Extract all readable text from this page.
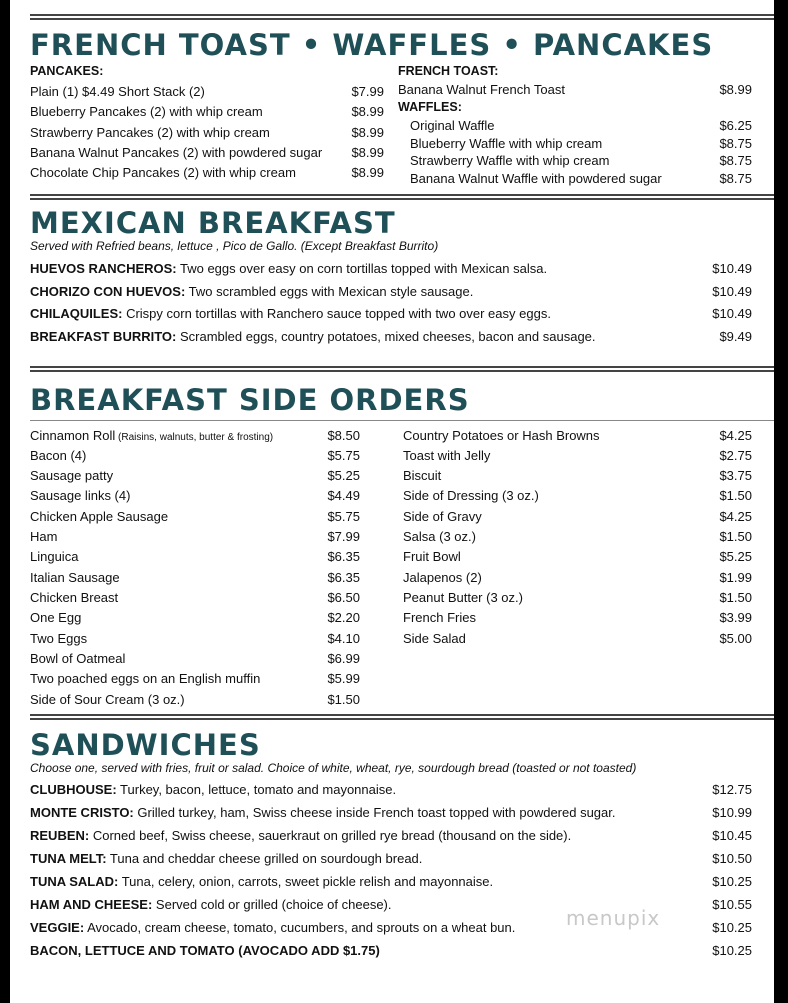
FRENCH TOAST • WAFFLES • PANCAKES
PANCAKES:
Plain (1) $4.49 Short Stack (2)	$7.99
Blueberry Pancakes (2) with whip cream	$8.99
Strawberry Pancakes (2) with whip cream	$8.99
Banana Walnut Pancakes (2) with powdered sugar	$8.99
Chocolate Chip Pancakes (2) with whip cream	$8.99
FRENCH TOAST:
Banana Walnut French Toast	$8.99
WAFFLES:
Original Waffle	$6.25
Blueberry Waffle with whip cream	$8.75
Strawberry Waffle with whip cream	$8.75
Banana Walnut Waffle with powdered sugar	$8.75
MEXICAN BREAKFAST
Served with Refried beans, lettuce , Pico de Gallo. (Except Breakfast Burrito)
HUEVOS RANCHEROS: Two eggs over easy on corn tortillas topped with Mexican salsa.	$10.49
CHORIZO CON HUEVOS: Two scrambled eggs with Mexican style sausage.	$10.49
CHILAQUILES: Crispy corn tortillas with Ranchero sauce topped with two over easy eggs.	$10.49
BREAKFAST BURRITO: Scrambled eggs, country potatoes, mixed cheeses, bacon and sausage.	$9.49
BREAKFAST SIDE ORDERS
Cinnamon Roll (Raisins, walnuts, butter & frosting)	$8.50
Bacon (4)	$5.75
Sausage patty	$5.25
Sausage links (4)	$4.49
Chicken Apple Sausage	$5.75
Ham	$7.99
Linguica	$6.35
Italian Sausage	$6.35
Chicken Breast	$6.50
One Egg	$2.20
Two Eggs	$4.10
Bowl of Oatmeal	$6.99
Two poached eggs on an English muffin	$5.99
Side of Sour Cream (3 oz.)	$1.50
Country Potatoes or Hash Browns	$4.25
Toast with Jelly	$2.75
Biscuit	$3.75
Side of Dressing (3 oz.)	$1.50
Side of Gravy	$4.25
Salsa (3 oz.)	$1.50
Fruit Bowl	$5.25
Jalapenos (2)	$1.99
Peanut Butter (3 oz.)	$1.50
French Fries	$3.99
Side Salad	$5.00
SANDWICHES
Choose one, served with fries, fruit or salad. Choice of white, wheat, rye, sourdough bread (toasted or not toasted)
CLUBHOUSE: Turkey, bacon, lettuce, tomato and mayonnaise.	$12.75
MONTE CRISTO: Grilled turkey, ham, Swiss cheese inside French toast topped with powdered sugar.	$10.99
REUBEN: Corned beef, Swiss cheese, sauerkraut on grilled rye bread (thousand on the side).	$10.45
TUNA MELT: Tuna and cheddar cheese grilled on sourdough bread.	$10.50
TUNA SALAD: Tuna, celery, onion, carrots, sweet pickle relish and mayonnaise.	$10.25
HAM AND CHEESE: Served cold or grilled (choice of cheese).	$10.55
VEGGIE: Avocado, cream cheese, tomato, cucumbers, and sprouts on a wheat bun.	$10.25
BACON, LETTUCE AND TOMATO (AVOCADO ADD $1.75)	$10.25
menupix
